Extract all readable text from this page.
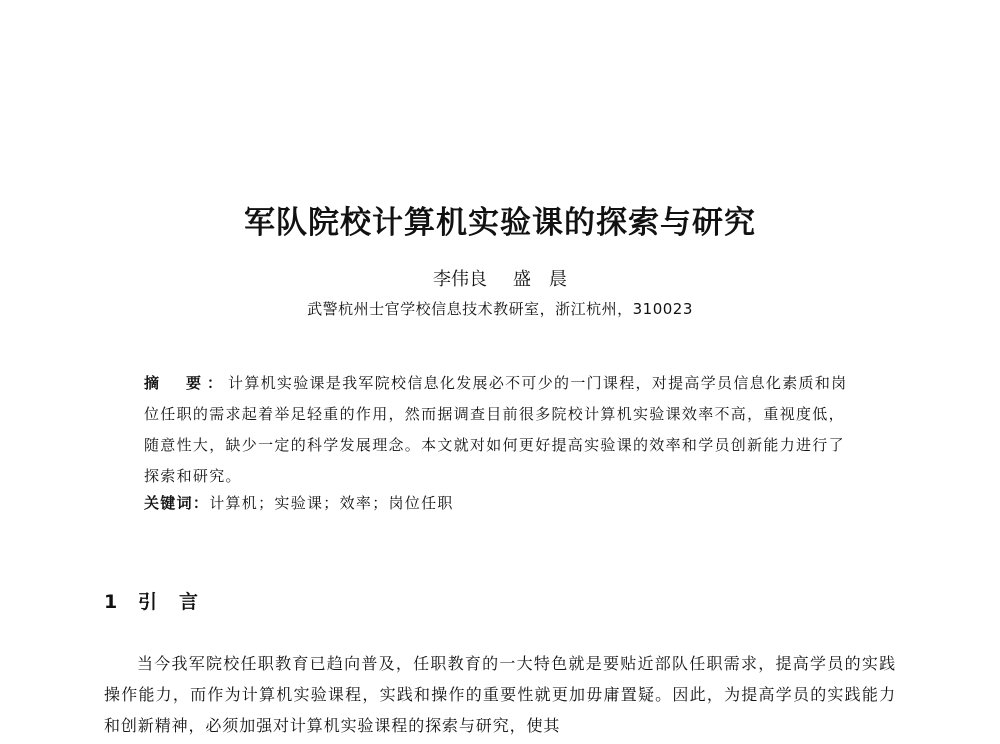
军队院校计算机实验课的探索与研究
李伟良 盛　晨
武警杭州士官学校信息技术教研室，浙江杭州，310023
摘　要：计算机实验课是我军院校信息化发展必不可少的一门课程，对提高学员信息化素质和岗位任职的需求起着举足轻重的作用，然而据调查目前很多院校计算机实验课效率不高，重视度低，随意性大，缺少一定的科学发展理念。本文就对如何更好提高实验课的效率和学员创新能力进行了探索和研究。
关键词：计算机；实验课；效率；岗位任职
1 引言
当今我军院校任职教育已趋向普及，任职教育的一大特色就是要贴近部队任职需求，提高学员的实践操作能力，而作为计算机实验课程，实践和操作的重要性就更加毋庸置疑。因此，为提高学员的实践能力和创新精神，必须加强对计算机实验课程的探索与研究，使其
